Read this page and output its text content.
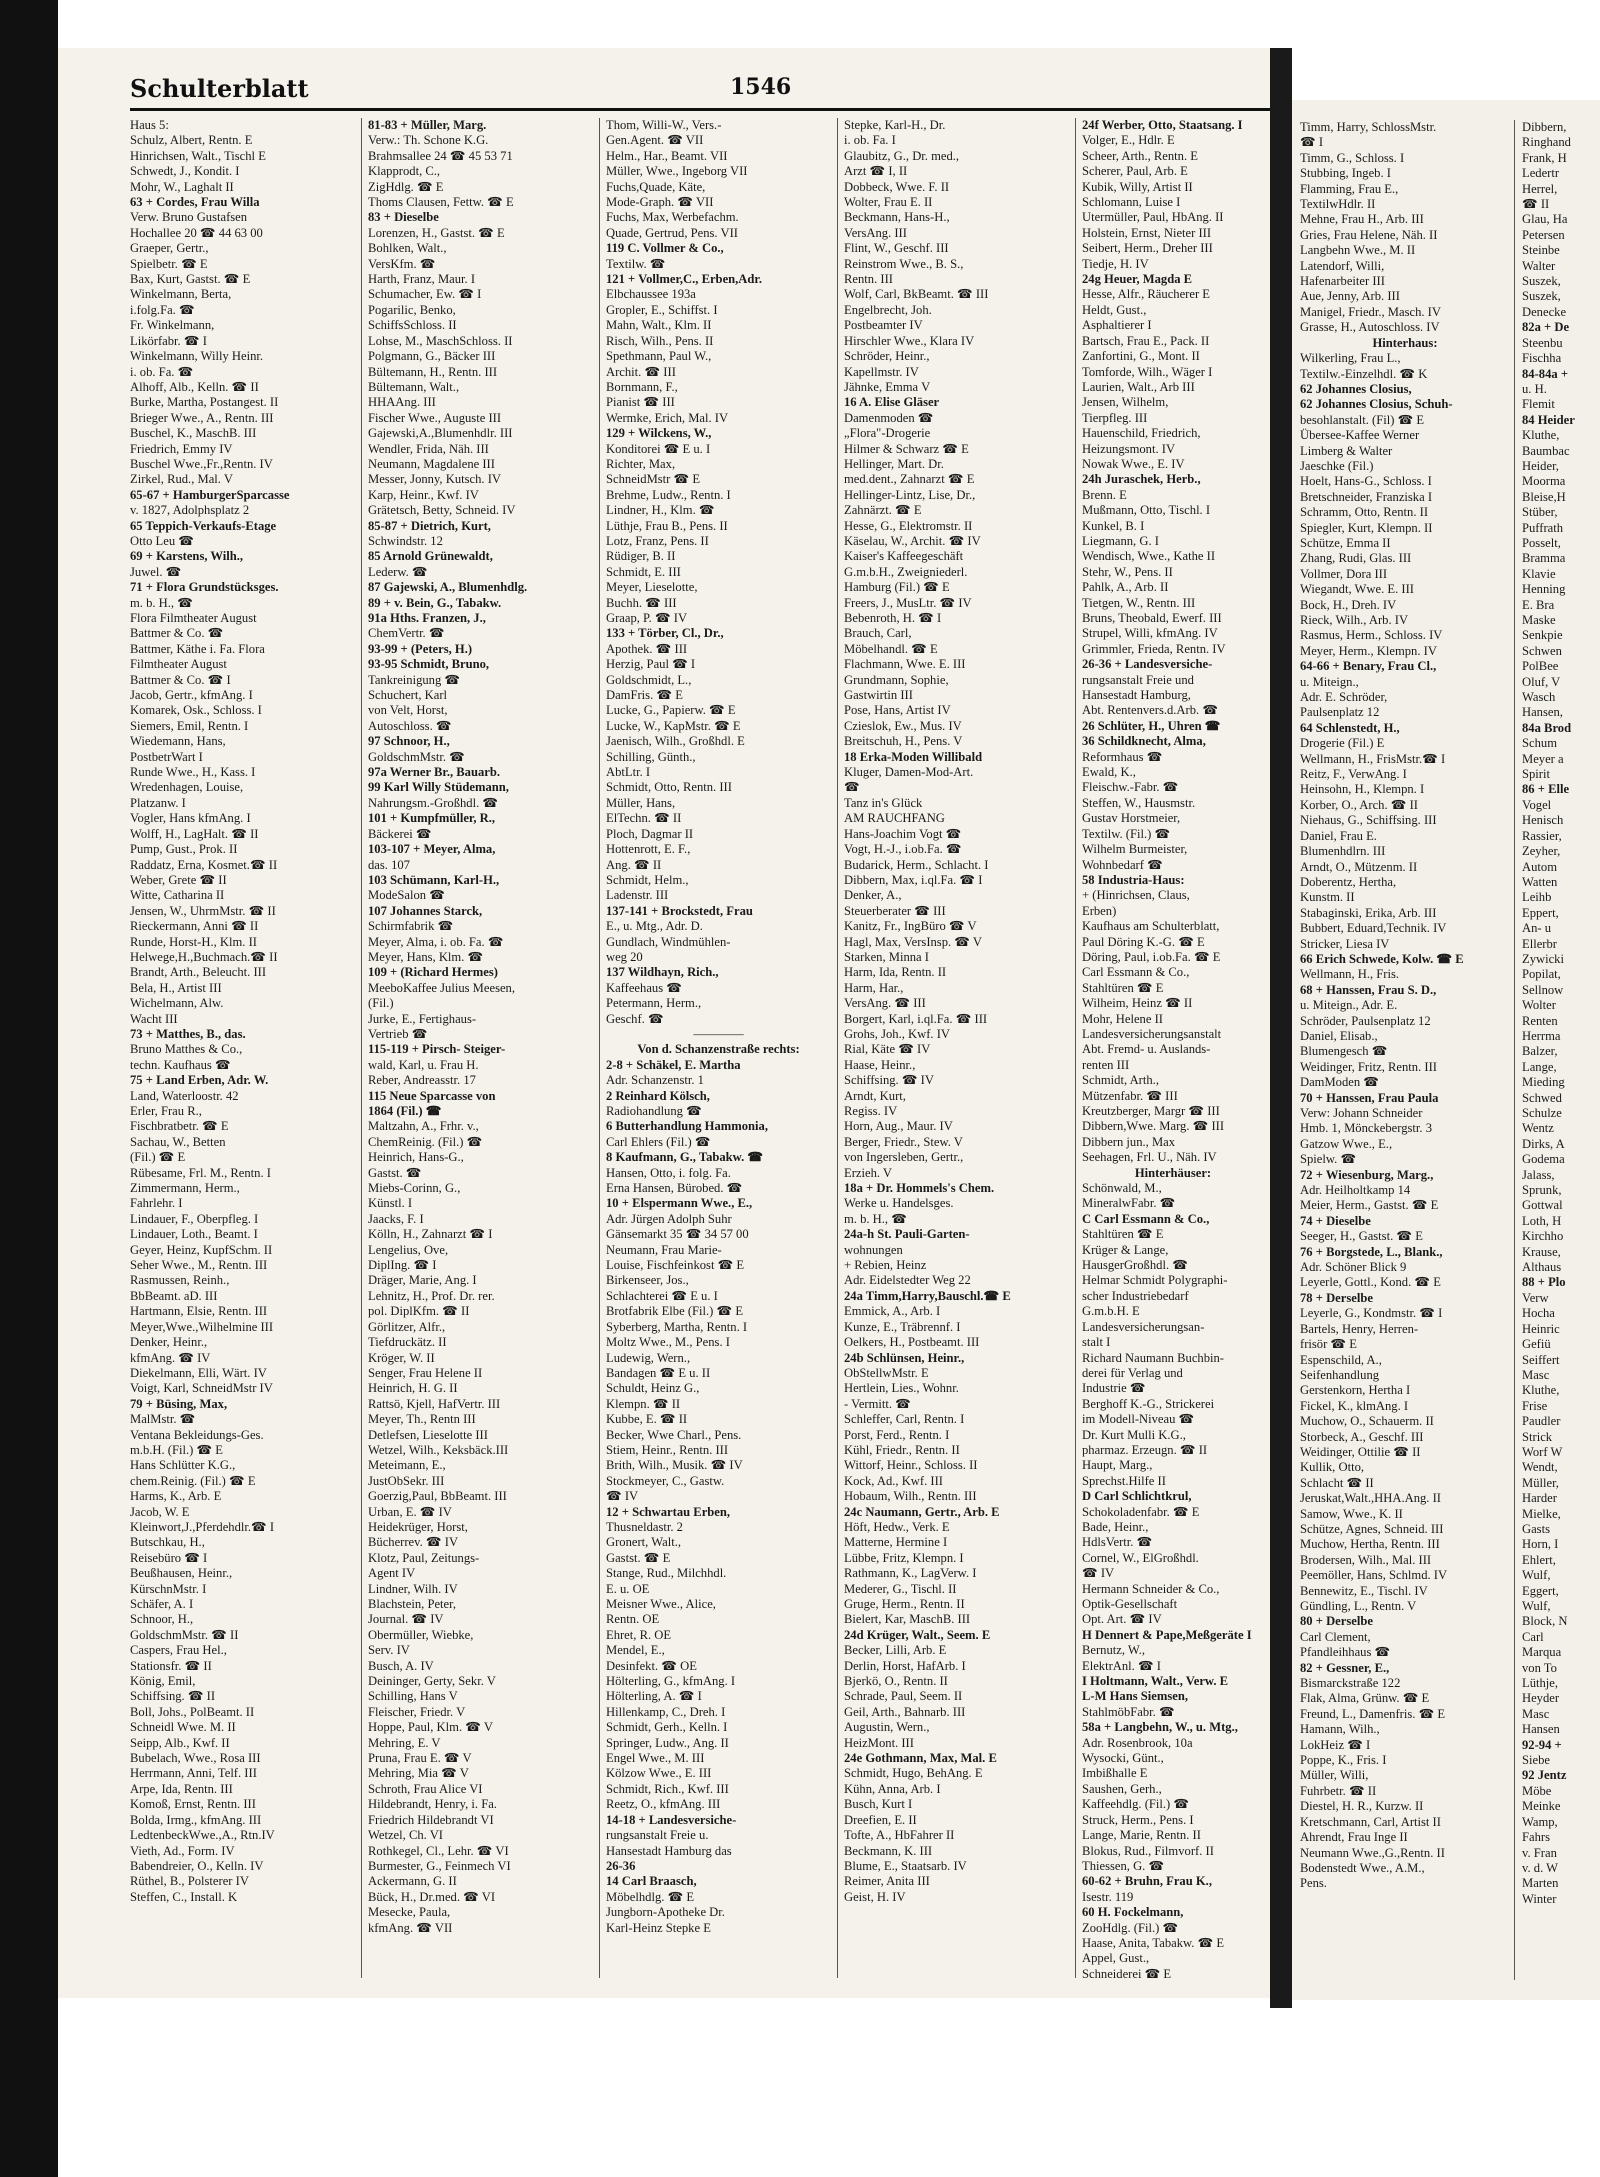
Schulterblatt	1546
Haus 5:
Schulz, Albert, Rentn. E
Hinrichsen, Walt., Tischl E
Schwedt, J., Kondit. I
Mohr, W., Laghalt II
63 + Cordes, Frau Willa
Verw. Bruno Gustafsen
Hochallee 20 ☎ 44 63 00
Graeper, Gertr.,
Spielbetr. ☎ E
Bax, Kurt, Gastst. ☎ E
Winkelmann, Berta,
i.folg.Fa. ☎
Fr. Winkelmann,
Likörfabr. ☎ I
Winkelmann, Willy Heinr.
i. ob. Fa. ☎
Alhoff, Alb., Kelln. ☎ II
Burke, Martha, Postangest. II
Brieger Wwe., A., Rentn. III
Buschel, K., MaschB. III
Friedrich, Emmy IV
Buschel Wwe.,Fr.,Rentn. IV
Zirkel, Rud., Mal. V
65-67 + HamburgerSparcasse
v. 1827, Adolphsplatz 2
65 Teppich-Verkaufs-Etage
Otto Leu ☎
69 + Karstens, Wilh.,
Juwel. ☎
71 + Flora Grundstücksges.
m. b. H., ☎
Flora Filmtheater August
Battmer & Co. ☎
Battmer, Käthe i. Fa. Flora
Filmtheater August
Battmer & Co. ☎ I
Jacob, Gertr., kfmAng. I
Komarek, Osk., Schloss. I
Siemers, Emil, Rentn. I
Wiedemann, Hans,
PostbetrWart I
Runde Wwe., H., Kass. I
Wredenhagen, Louise,
Platzanw. I
Vogler, Hans kfmAng. I
Wolff, H., LagHalt. ☎ II
Pump, Gust., Prok. II
Raddatz, Erna, Kosmet.☎ II
Weber, Grete ☎ II
Witte, Catharina II
Jensen, W., UhrmMstr. ☎ II
Rieckermann, Anni ☎ II
Runde, Horst-H., Klm. II
Helwege,H.,Buchmach.☎ II
Brandt, Arth., Beleucht. III
Bela, H., Artist III
Wichelmann, Alw.
Wacht III
73 + Matthes, B., das.
Bruno Matthes & Co.,
techn. Kaufhaus ☎
75 + Land Erben, Adr. W.
Land, Waterloostr. 42
Erler, Frau R.,
Fischbratbetr. ☎ E
Sachau, W., Betten
(Fil.) ☎ E
Rübesame, Frl. M., Rentn. I
Zimmermann, Herm.,
Fahrlehr. I
Lindauer, F., Oberpfleg. I
Lindauer, Loth., Beamt. I
Geyer, Heinz, KupfSchm. II
Seher Wwe., M., Rentn. III
Rasmussen, Reinh.,
BbBeamt. aD. III
Hartmann, Elsie, Rentn. III
Meyer,Wwe.,Wilhelmine III
Denker, Heinr.,
kfmAng. ☎ IV
Diekelmann, Elli, Wärt. IV
Voigt, Karl, SchneidMstr IV
79 + Büsing, Max,
MalMstr. ☎
Ventana Bekleidungs-Ges.
m.b.H. (Fil.) ☎ E
Hans Schlütter K.G.,
chem.Reinig. (Fil.) ☎ E
Harms, K., Arb. E
Jacob, W. E
Kleinwort,J.,Pferdehdlr.☎ I
Butschkau, H.,
Reisebüro ☎ I
Beußhausen, Heinr.,
KürschnMstr. I
Schäfer, A. I
Schnoor, H.,
GoldschmMstr. ☎ II
Caspers, Frau Hel.,
Stationsfr. ☎ II
König, Emil,
Schiffsing. ☎ II
Boll, Johs., PolBeamt. II
Schneidl Wwe. M. II
Seipp, Alb., Kwf. II
Bubelach, Wwe., Rosa III
Herrmann, Anni, Telf. III
Arpe, Ida, Rentn. III
Komoß, Ernst, Rentn. III
Bolda, Irmg., kfmAng. III
LedtenbeckWwe.,A., Rtn.IV
Vieth, Ad., Form. IV
Babendreier, O., Kelln. IV
Rüthel, B., Polsterer IV
Steffen, C., Install. K
81-83 + Müller, Marg.
Verw.: Th. Schone K.G.
Brahmsallee 24 ☎ 45 53 71
Klapprodt, C.,
ZigHdlg. ☎ E
Thoms Clausen, Fettw. ☎ E
83 + Dieselbe
Lorenzen, H., Gastst. ☎ E
Bohlken, Walt.,
VersKfm. ☎
Harth, Franz, Maur. I
Schumacher, Ew. ☎ I
Pogarilic, Benko,
SchiffsSchloss. II
Lohse, M., MaschSchloss. II
Polgmann, G., Bäcker III
Bültemann, H., Rentn. III
Bültemann, Walt.,
HHAAng. III
Fischer Wwe., Auguste III
Gajewski,A.,Blumenhdlr. III
Wendler, Frida, Näh. III
Neumann, Magdalene III
Messer, Jonny, Kutsch. IV
Karp, Heinr., Kwf. IV
Grätetsch, Betty, Schneid. IV
85-87 + Dietrich, Kurt,
Schwindstr. 12
85 Arnold Grünewaldt,
Lederw. ☎
87 Gajewski, A., Blumenhdlg.
89 + v. Bein, G., Tabakw.
91a Hths. Franzen, J.,
ChemVertr. ☎
93-99 + (Peters, H.)
93-95 Schmidt, Bruno,
Tankreinigung ☎
Schuchert, Karl
von Velt, Horst,
Autoschloss. ☎
97 Schnoor, H.,
GoldschmMstr. ☎
97a Werner Br., Bauarb.
99 Karl Willy Stüdemann,
Nahrungsm.-Großhdl. ☎
101 + Kumpfmüller, R.,
Bäckerei ☎
103-107 + Meyer, Alma,
das. 107
103 Schümann, Karl-H.,
ModeSalon ☎
107 Johannes Starck,
Schirmfabrik ☎
Meyer, Alma, i. ob. Fa. ☎
Meyer, Hans, Klm. ☎
109 + (Richard Hermes)
MeeboKaffee Julius Meesen,
(Fil.)
Jurke, E., Fertighaus-
Vertrieb ☎
115-119 + Pirsch- Steiger-
wald, Karl, u. Frau H.
Reber, Andreasstr. 17
115 Neue Sparcasse von
1864 (Fil.) ☎
Maltzahn, A., Frhr. v.,
ChemReinig. (Fil.) ☎
Heinrich, Hans-G.,
Gastst. ☎
Miebs-Corinn, G.,
Künstl. I
Jaacks, F. I
Kölln, H., Zahnarzt ☎ I
Lengelius, Ove,
DiplIng. ☎ I
Dräger, Marie, Ang. I
Lehnitz, H., Prof. Dr. rer.
pol. DiplKfm. ☎ II
Görlitzer, Alfr.,
Tiefdruckätz. II
Kröger, W. II
Senger, Frau Helene II
Heinrich, H. G. II
Rattsö, Kjell, HafVertr. III
Meyer, Th., Rentn III
Detlefsen, Lieselotte III
Wetzel, Wilh., Keksbäck.III
Meteimann, E.,
JustObSekr. III
Goerzig,Paul, BbBeamt. III
Urban, E. ☎ IV
Heidekrüger, Horst,
Bücherrev. ☎ IV
Klotz, Paul, Zeitungs-
Agent IV
Lindner, Wilh. IV
Blachstein, Peter,
Journal. ☎ IV
Obermüller, Wiebke,
Serv. IV
Busch, A. IV
Deininger, Gerty, Sekr. V
Schilling, Hans V
Fleischer, Friedr. V
Hoppe, Paul, Klm. ☎ V
Mehring, E. V
Pruna, Frau E. ☎ V
Mehring, Mia ☎ V
Schroth, Frau Alice VI
Hildebrandt, Henry, i. Fa.
Friedrich Hildebrandt VI
Wetzel, Ch. VI
Rothkegel, Cl., Lehr. ☎ VI
Burmester, G., Feinmech VI
Ackermann, G. II
Bück, H., Dr.med. ☎ VI
Mesecke, Paula,
kfmAng. ☎ VII
Thom, Willi-W., Vers.-
Gen.Agent. ☎ VII
Helm., Har., Beamt. VII
Müller, Wwe., Ingeborg VII
Fuchs,Quade, Käte,
Mode-Graph. ☎ VII
Fuchs, Max, Werbefachm.
Quade, Gertrud, Pens. VII
119 C. Vollmer & Co.,
Textilw. ☎
121 + Vollmer,C., Erben,Adr.
Elbchaussee 193a
Gropler, E., Schiffst. I
Mahn, Walt., Klm. II
Risch, Wilh., Pens. II
Spethmann, Paul W.,
Archit. ☎ III
Bornmann, F.,
Pianist ☎ III
Wermke, Erich, Mal. IV
129 + Wilckens, W.,
Konditorei ☎ E u. I
Richter, Max,
SchneidMstr ☎ E
Brehme, Ludw., Rentn. I
Lindner, H., Klm. ☎
Lüthje, Frau B., Pens. II
Lotz, Franz, Pens. II
Rüdiger, B. II
Schmidt, E. III
Meyer, Lieselotte,
Buchh. ☎ III
Graap, P. ☎ IV
133 + Törber, Cl., Dr.,
Apothek. ☎ III
Herzig, Paul ☎ I
Goldschmidt, L.,
DamFris. ☎ E
Lucke, G., Papierw. ☎ E
Lucke, W., KapMstr. ☎ E
Jaenisch, Wilh., Großhdl. E
Schilling, Günth.,
AbtLtr. I
Schmidt, Otto, Rentn. III
Müller, Hans,
ElTechn. ☎ II
Ploch, Dagmar II
Hottenrott, E. F.,
Ang. ☎ II
Schmidt, Helm.,
Ladenstr. III
137-141 + Brockstedt, Frau
E., u. Mtg., Adr. D.
Gundlach, Windmühlen-
weg 20
137 Wildhayn, Rich.,
Kaffeehaus ☎
Petermann, Herm.,
Geschf. ☎
————
Von d. Schanzenstraße rechts:
2-8 + Schäkel, E. Martha
Adr. Schanzenstr. 1
2 Reinhard Kölsch,
Radiohandlung ☎
6 Butterhandlung Hammonia,
Carl Ehlers (Fil.) ☎
8 Kaufmann, G., Tabakw. ☎
Hansen, Otto, i. folg. Fa.
Erna Hansen, Bürobed. ☎
10 + Elspermann Wwe., E.,
Adr. Jürgen Adolph Suhr
Gänsemarkt 35 ☎ 34 57 00
Neumann, Frau Marie-
Louise, Fischfeinkost ☎ E
Birkenseer, Jos.,
Schlachterei ☎ E u. I
Brotfabrik Elbe (Fil.) ☎ E
Syberberg, Martha, Rentn. I
Moltz Wwe., M., Pens. I
Ludewig, Wern.,
Bandagen ☎ E u. II
Schuldt, Heinz G.,
Klempn. ☎ II
Kubbe, E. ☎ II
Becker, Wwe Charl., Pens.
Stiem, Heinr., Rentn. III
Brith, Wilh., Musik. ☎ IV
Stockmeyer, C., Gastw.
☎ IV
12 + Schwartau Erben,
Thusneldastr. 2
Gronert, Walt.,
Gastst. ☎ E
Stange, Rud., Milchhdl.
E. u. OE
Meisner Wwe., Alice,
Rentn. OE
Ehret, R. OE
Mendel, E.,
Desinfekt. ☎ OE
Hölterling, G., kfmAng. I
Hölterling, A. ☎ I
Hillenkamp, C., Dreh. I
Schmidt, Gerh., Kelln. I
Springer, Ludw., Ang. II
Engel Wwe., M. III
Kölzow Wwe., E. III
Schmidt, Rich., Kwf. III
Reetz, O., kfmAng. III
14-18 + Landesversiche-
rungsanstalt Freie u.
Hansestadt Hamburg das
26-36
14 Carl Braasch,
Möbelhdlg. ☎ E
Jungborn-Apotheke Dr.
Karl-Heinz Stepke E
Stepke, Karl-H., Dr.
i. ob. Fa. I
Glaubitz, G., Dr. med.,
Arzt ☎ I, II
Dobbeck, Wwe. F. II
Wolter, Frau E. II
Beckmann, Hans-H.,
VersAng. III
Flint, W., Geschf. III
Reinstrom Wwe., B. S.,
Rentn. III
Wolf, Carl, BkBeamt. ☎ III
Engelbrecht, Joh.
Postbeamter IV
Hirschler Wwe., Klara IV
Schröder, Heinr.,
Kapellmstr. IV
Jähnke, Emma V
16 A. Elise Gläser
Damenmoden ☎
„Flora"-Drogerie
Hilmer & Schwarz ☎ E
Hellinger, Mart. Dr.
med.dent., Zahnarzt ☎ E
Hellinger-Lintz, Lise, Dr.,
Zahnärzt. ☎ E
Hesse, G., Elektromstr. II
Käselau, W., Archit. ☎ IV
Kaiser's Kaffeegeschäft
G.m.b.H., Zweigniederl.
Hamburg (Fil.) ☎ E
Freers, J., MusLtr. ☎ IV
Bebenroth, H. ☎ I
Brauch, Carl,
Möbelhandl. ☎ E
Flachmann, Wwe. E. III
Grundmann, Sophie,
Gastwirtin III
Pose, Hans, Artist IV
Czieslok, Ew., Mus. IV
Breitschuh, H., Pens. V
18 Erka-Moden Willibald
Kluger, Damen-Mod-Art.
☎
Tanz in's Glück
AM RAUCHFANG
Hans-Joachim Vogt ☎
Vogt, H.-J., i.ob.Fa. ☎
Budarick, Herm., Schlacht. I
Dibbern, Max, i.ql.Fa. ☎ I
Denker, A.,
Steuerberater ☎ III
Kanitz, Fr., IngBüro ☎ V
Hagl, Max, VersInsp. ☎ V
Starken, Minna I
Harm, Ida, Rentn. II
Harm, Har.,
VersAng. ☎ III
Borgert, Karl, i.ql.Fa. ☎ III
Grohs, Joh., Kwf. IV
Rial, Käte ☎ IV
Haase, Heinr.,
Schiffsing. ☎ IV
Arndt, Kurt,
Regiss. IV
Horn, Aug., Maur. IV
Berger, Friedr., Stew. V
von Ingersleben, Gertr.,
Erzieh. V
18a + Dr. Hommels's Chem.
Werke u. Handelsges.
m. b. H., ☎
24a-h St. Pauli-Garten-
wohnungen
+ Rebien, Heinz
Adr. Eidelstedter Weg 22
24a Timm,Harry,Bauschl.☎ E
Emmick, A., Arb. I
Kunze, E., Träbrennf. I
Oelkers, H., Postbeamt. III
24b Schlünsen, Heinr.,
ObStellwMstr. E
Hertlein, Lies., Wohnr.
- Vermitt. ☎
Schleffer, Carl, Rentn. I
Porst, Ferd., Rentn. I
Kühl, Friedr., Rentn. II
Wittorf, Heinr., Schloss. II
Kock, Ad., Kwf. III
Hobaum, Wilh., Rentn. III
24c Naumann, Gertr., Arb. E
Höft, Hedw., Verk. E
Matterne, Hermine I
Lübbe, Fritz, Klempn. I
Rathmann, K., LagVerw. I
Mederer, G., Tischl. II
Gruge, Herm., Rentn. II
Bielert, Kar, MaschB. III
24d Krüger, Walt., Seem. E
Becker, Lilli, Arb. E
Derlin, Horst, HafArb. I
Bjerkö, O., Rentn. II
Schrade, Paul, Seem. II
Geil, Arth., Bahnarb. III
Augustin, Wern.,
HeizMont. III
24e Gothmann, Max, Mal. E
Schmidt, Hugo, BehAng. E
Kühn, Anna, Arb. I
Busch, Kurt I
Dreefien, E. II
Tofte, A., HbFahrer II
Beckmann, K. III
Blume, E., Staatsarb. IV
Reimer, Anita III
Geist, H. IV
24f Werber, Otto, Staatsang. I
Volger, E., Hdlr. E
Scheer, Arth., Rentn. E
Scherer, Paul, Arb. E
Kubik, Willy, Artist II
Schlomann, Luise I
Utermüller, Paul, HbAng. II
Holstein, Ernst, Nieter III
Seibert, Herm., Dreher III
Tiedje, H. IV
24g Heuer, Magda E
Hesse, Alfr., Räucherer E
Heldt, Gust.,
Asphaltierer I
Bartsch, Frau E., Pack. II
Zanfortini, G., Mont. II
Tomforde, Wilh., Wäger I
Laurien, Walt., Arb III
Jensen, Wilhelm,
Tierpfleg. III
Hauenschild, Friedrich,
Heizungsmont. IV
Nowak Wwe., E. IV
24h Juraschek, Herb.,
Brenn. E
Mußmann, Otto, Tischl. I
Kunkel, B. I
Liegmann, G. I
Wendisch, Wwe., Kathe II
Stehr, W., Pens. II
Pahlk, A., Arb. II
Tietgen, W., Rentn. III
Bruns, Theobald, Ewerf. III
Strupel, Willi, kfmAng. IV
Grimmler, Frieda, Rentn. IV
26-36 + Landesversiche-
rungsanstalt Freie und
Hansestadt Hamburg,
Abt. Rentenvers.d.Arb. ☎
26 Schlüter, H., Uhren ☎
36 Schildknecht, Alma,
Reformhaus ☎
Ewald, K.,
Fleischw.-Fabr. ☎
Steffen, W., Hausmstr.
Gustav Horstmeier,
Textilw. (Fil.) ☎
Wilhelm Burmeister,
Wohnbedarf ☎
58 Industria-Haus:
+ (Hinrichsen, Claus,
Erben)
Kaufhaus am Schulterblatt,
Paul Döring K.-G. ☎ E
Döring, Paul, i.ob.Fa. ☎ E
Carl Essmann & Co.,
Stahltüren ☎ E
Wilheim, Heinz ☎ II
Mohr, Helene II
Landesversicherungsanstalt
Abt. Fremd- u. Auslands-
renten III
Schmidt, Arth.,
Mützenfabr. ☎ III
Kreutzberger, Margr ☎ III
Dibbern,Wwe. Marg. ☎ III
Dibbern jun., Max
Seehagen, Frl. U., Näh. IV
Hinterhäuser:
Schönwald, M.,
MineralwFabr. ☎
C Carl Essmann & Co.,
Stahltüren ☎ E
Krüger & Lange,
HausgerGroßhdl. ☎
Helmar Schmidt Polygraphi-
scher Industriebedarf
G.m.b.H. E
Landesversicherungsan-
stalt I
Richard Naumann Buchbin-
derei für Verlag und
Industrie ☎
Berghoff K.-G., Strickerei
im Modell-Niveau ☎
Dr. Kurt Mulli K.G.,
pharmaz. Erzeugn. ☎ II
Haupt, Marg.,
Sprechst.Hilfe II
D Carl Schlichtkrul,
Schokoladenfabr. ☎ E
Bade, Heinr.,
HdlsVertr. ☎
Cornel, W., ElGroßhdl.
☎ IV
Hermann Schneider & Co.,
Optik-Gesellschaft
Opt. Art. ☎ IV
H Dennert & Pape,Meßgeräte I
Bernutz, W.,
ElektrAnl. ☎ I
I Holtmann, Walt., Verw. E
L-M Hans Siemsen,
StahlmöbFabr. ☎
58a + Langbehn, W., u. Mtg.,
Adr. Rosenbrook, 10a
Wysocki, Günt.,
Imbißhalle E
Saushen, Gerh.,
Kaffeehdlg. (Fil.) ☎
Struck, Herm., Pens. I
Lange, Marie, Rentn. II
Blokus, Rud., Filmvorf. II
Thiessen, G. ☎
60-62 + Bruhn, Frau K.,
Isestr. 119
60 H. Fockelmann,
ZooHdlg. (Fil.) ☎
Haase, Anita, Tabakw. ☎ E
Appel, Gust.,
Schneiderei ☎ E
Timm, Harry, SchlossMstr.
☎ I
Timm, G., Schloss. I
Stubbing, Ingeb. I
Flamming, Frau E.,
TextilwHdlr. II
Mehne, Frau H., Arb. III
Gries, Frau Helene, Näh. II
Langbehn Wwe., M. II
Latendorf, Willi,
Hafenarbeiter III
Aue, Jenny, Arb. III
Manigel, Friedr., Masch. IV
Grasse, H., Autoschloss. IV
Hinterhaus:
Wilkerling, Frau L.,
Textilw.-Einzelhdl. ☎ K
62 Johannes Closius,
62 Johannes Closius, Schuh-
besohlanstalt. (Fil) ☎ E
Übersee-Kaffee Werner
Limberg & Walter
Jaeschke (Fil.)
Hoelt, Hans-G., Schloss. I
Bretschneider, Franziska I
Schramm, Otto, Rentn. II
Spiegler, Kurt, Klempn. II
Schütze, Emma II
Zhang, Rudi, Glas. III
Vollmer, Dora III
Wiegandt, Wwe. E. III
Bock, H., Dreh. IV
Rieck, Wilh., Arb. IV
Rasmus, Herm., Schloss. IV
Meyer, Herm., Klempn. IV
64-66 + Benary, Frau Cl.,
u. Miteign.,
Adr. E. Schröder,
Paulsenplatz 12
64 Schlenstedt, H.,
Drogerie (Fil.) E
Wellmann, H., FrisMstr.☎ I
Reitz, F., VerwAng. I
Heinsohn, H., Klempn. I
Korber, O., Arch. ☎ II
Niehaus, G., Schiffsing. III
Daniel, Frau E.
Blumenhdlrn. III
Arndt, O., Mützenm. II
Doberentz, Hertha,
Kunstm. II
Stabaginski, Erika, Arb. III
Bubbert, Eduard,Technik. IV
Stricker, Liesa IV
66 Erich Schwede, Kolw. ☎ E
Wellmann, H., Fris.
68 + Hanssen, Frau S. D.,
u. Miteign., Adr. E.
Schröder, Paulsenplatz 12
Daniel, Elisab.,
Blumengesch ☎
Weidinger, Fritz, Rentn. III
DamModen ☎
70 + Hanssen, Frau Paula
Verw: Johann Schneider
Hmb. 1, Mönckebergstr. 3
Gatzow Wwe., E.,
Spielw. ☎
72 + Wiesenburg, Marg.,
Adr. Heilholtkamp 14
Meier, Herm., Gastst. ☎ E
74 + Dieselbe
Seeger, H., Gastst. ☎ E
76 + Borgstede, L., Blank.,
Adr. Schöner Blick 9
Leyerle, Gottl., Kond. ☎ E
78 + Derselbe
Leyerle, G., Kondmstr. ☎ I
Bartels, Henry, Herren-
frisör ☎ E
Espenschild, A.,
Seifenhandlung
Gerstenkorn, Hertha I
Fickel, K., klmAng. I
Muchow, O., Schauerm. II
Storbeck, A., Geschf. III
Weidinger, Ottilie ☎ II
Kullik, Otto,
Schlacht ☎ II
Jeruskat,Walt.,HHA.Ang. II
Samow, Wwe., K. II
Schütze, Agnes, Schneid. III
Muchow, Hertha, Rentn. III
Brodersen, Wilh., Mal. III
Peemöller, Hans, Schlmd. IV
Bennewitz, E., Tischl. IV
Gündling, L., Rentn. V
80 + Derselbe
Carl Clement,
Pfandleihhaus ☎
82 + Gessner, E.,
Bismarckstraße 122
Flak, Alma, Grünw. ☎ E
Freund, L., Damenfris. ☎ E
Hamann, Wilh.,
LokHeiz ☎ I
Poppe, K., Fris. I
Müller, Willi,
Fuhrbetr. ☎ II
Diestel, H. R., Kurzw. II
Kretschmann, Carl, Artist II
Ahrendt, Frau Inge II
Neumann Wwe.,G.,Rentn. II
Bodenstedt Wwe., A.M.,
Pens.
Dibbern,
Ringhand
Frank, H
Ledertr
Herrel,
☎ II
Glau, Ha
Petersen
Steinbe
Walter
Suszek,
Suszek,
Denecke
82a + De
Steenbu
Fischha
84-84a +
u. H.
Flemit
84 Heider
Kluthe,
Baumbac
Heider,
Moorma
Bleise,H
Stüber,
Puffrath
Posselt,
Bramma
Klavie
Henning
E. Bra
Maske
Senkpie
Schwen
PolBee
Oluf, V
Wasch
Hansen,
84a Brod
Schum
Meyer a
Spirit
86 + Elle
Vogel
Henisch
Rassier,
Zeyher,
Autom
Watten
Leihb
Eppert,
An- u
Ellerbr
Zywicki
Popilat,
Sellnow
Wolter
Renten
Herrma
Balzer,
Lange,
Mieding
Schwed
Schulze
Wentz
Dirks, A
Godema
Jalass,
Sprunk,
Gottwal
Loth, H
Kirchho
Krause,
Althaus
88 + Plo
Verw
Hocha
Heinric
Gefiü
Seiffert
Masc
Kluthe,
Frise
Paudler
Strick
Worf W
Wendt,
Müller,
Harder
Mielke,
Gasts
Horn, I
Ehlert,
Wulf,
Eggert,
Wulf,
Block, N
Carl
Marqua
von To
Lüthje,
Heyder
Masc
Hansen
92-94 +
Siebe
92 Jentz
Möbe
Meinke
Wamp,
Fahrs
v. Fran
v. d. W
Marten
Winter
